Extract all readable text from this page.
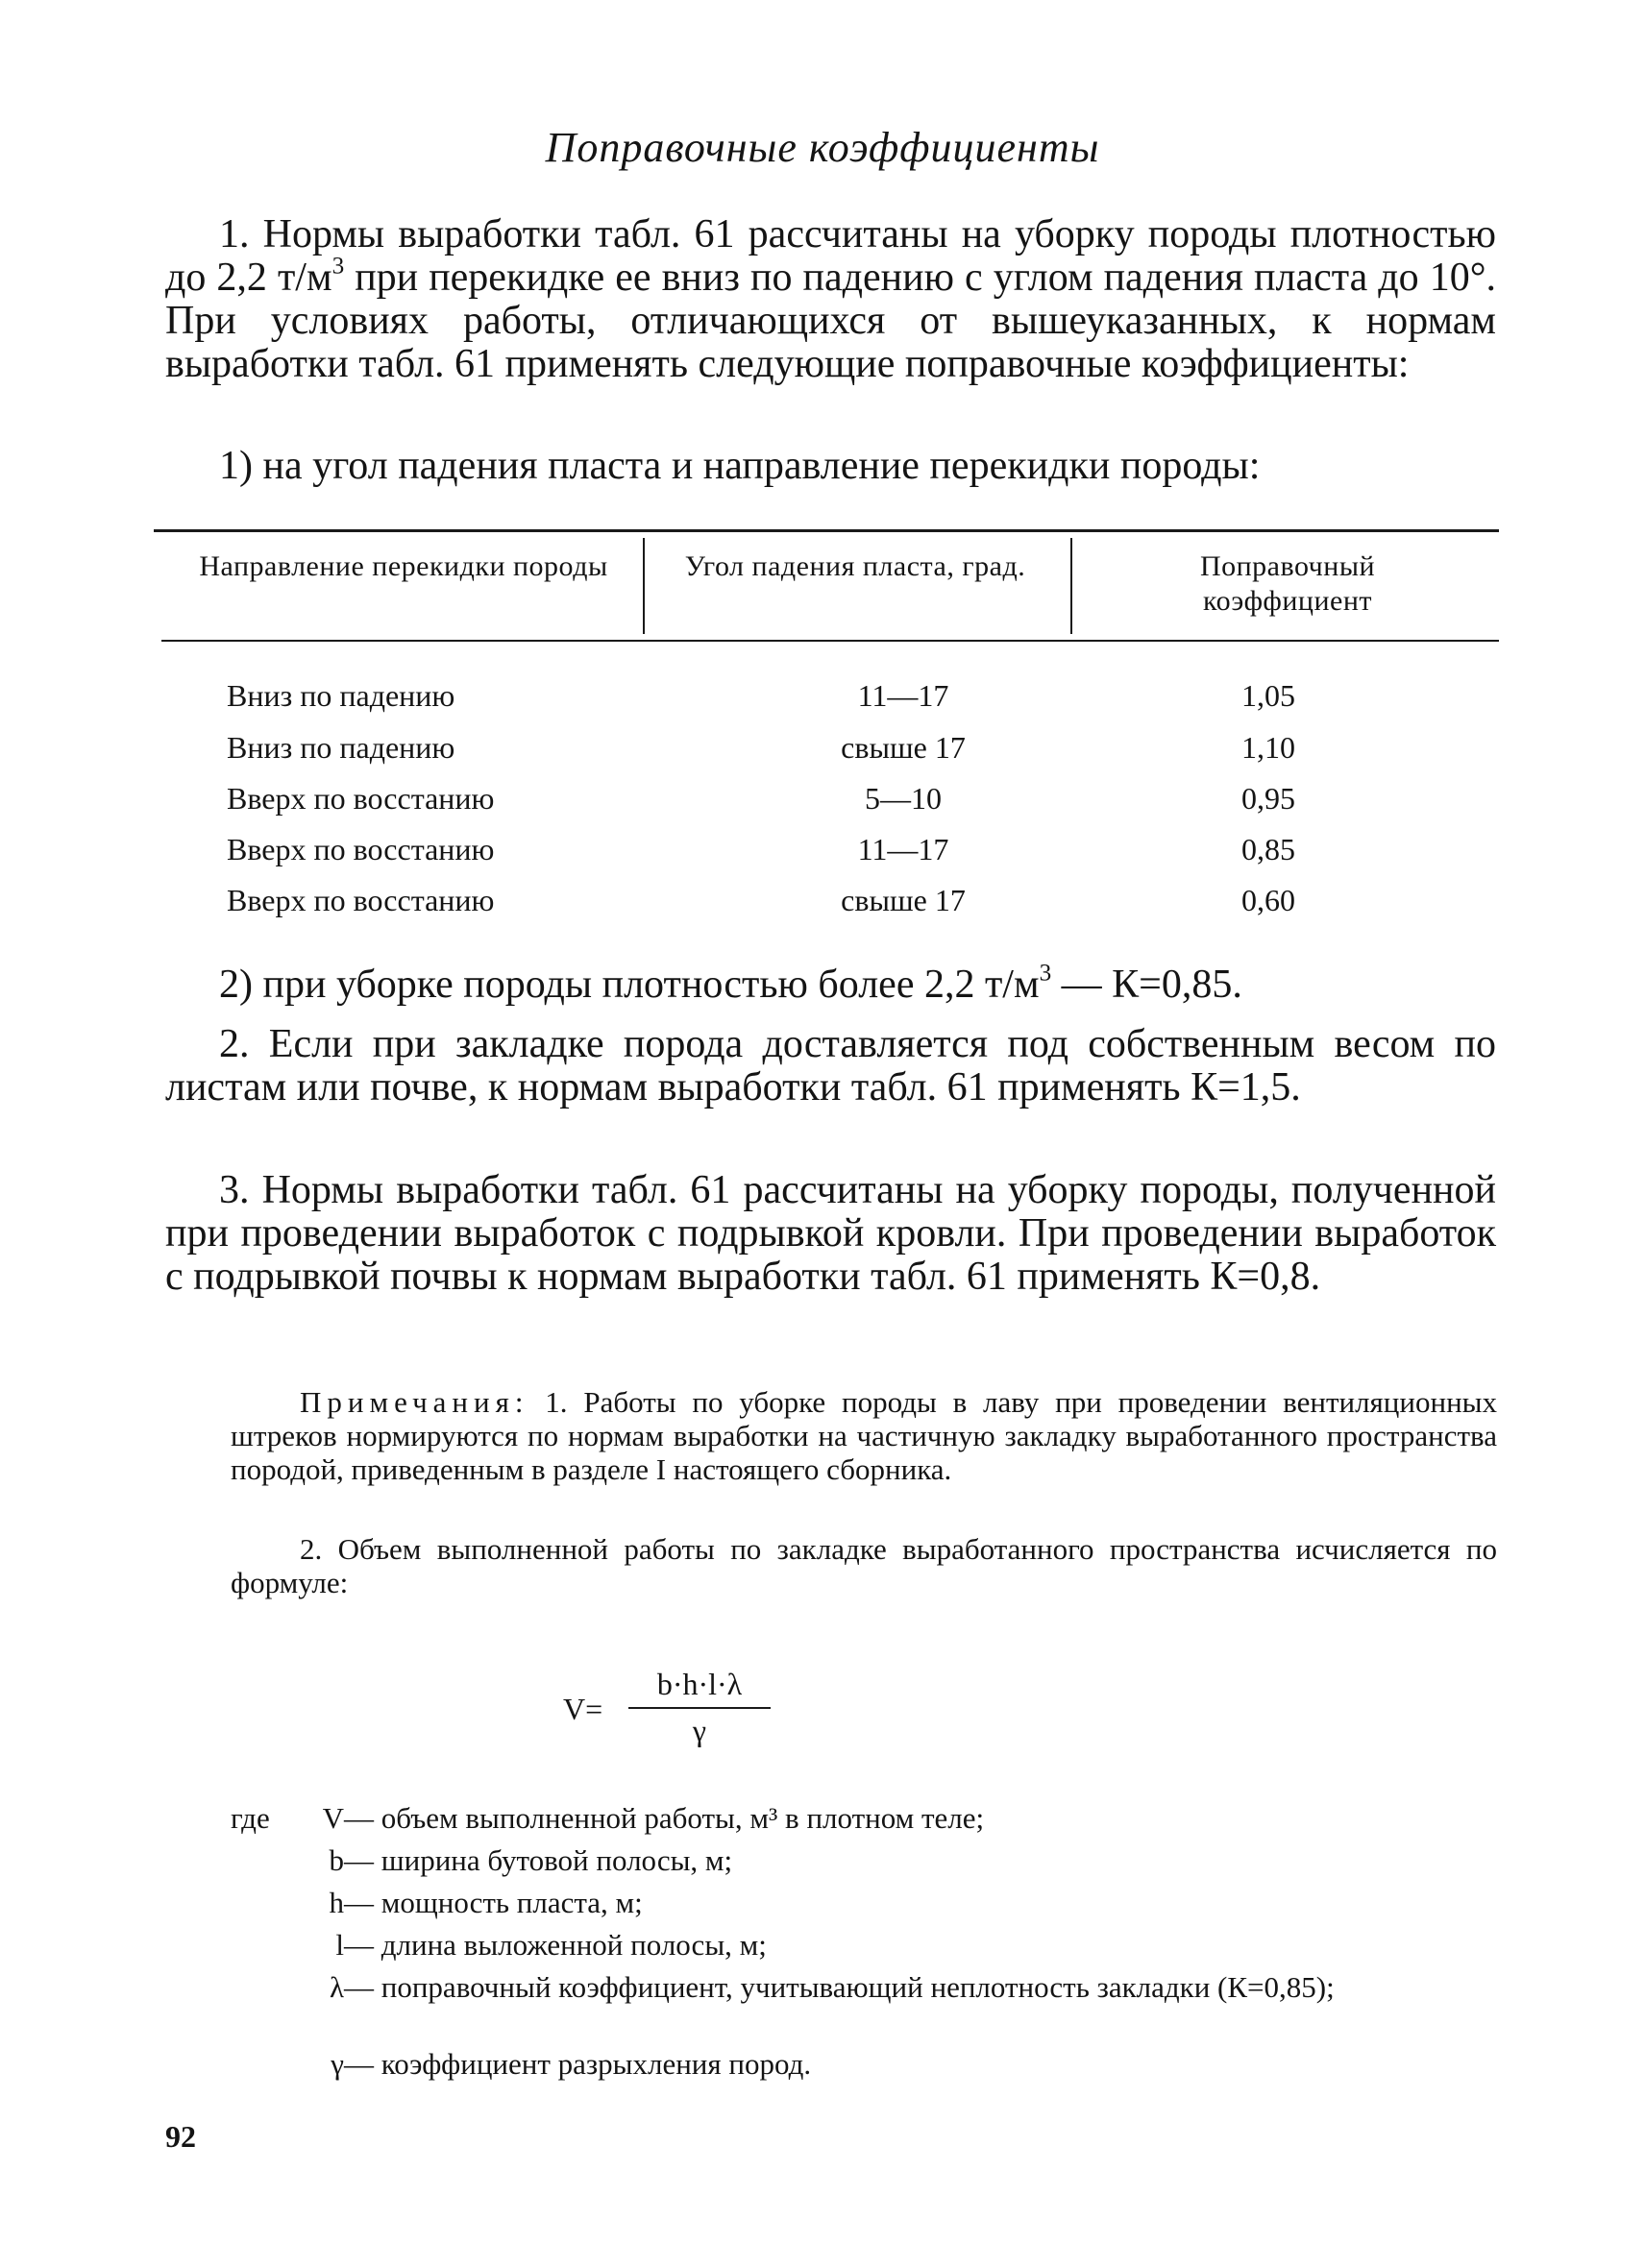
Поправочные коэффициенты

1. Нормы выработки табл. 61 рассчитаны на уборку породы плотностью до 2,2 $т/м^3$ при перекидке ее вниз по падению с углом падения пласта до 10°. При условиях работы, отличающихся от вышеуказанных, к нормам выработки табл. 61 применять следующие поправочные коэффициенты:

1) на угол падения пласта и направление перекидки породы:

Направление перекидки породы	Угол падения пласта, град.	Поправочный коэффициент
Вниз по падению	11—17	1,05
Вниз по падению	свыше 17	1,10
Вверх по восстанию	5—10	0,95
Вверх по восстанию	11—17	0,85
Вверх по восстанию	свыше 17	0,60

2) при уборке породы плотностью более 2,2 $т/м^3$ — К=0,85.

2. Если при закладке порода доставляется под собственным весом по листам или почве, к нормам выработки табл. 61 применять К=1,5.

3. Нормы выработки табл. 61 рассчитаны на уборку породы, полученной при проведении выработок с подрывкой кровли. При проведении выработок с подрывкой почвы к нормам выработки табл. 61 применять К=0,8.

Примечания: 1. Работы по уборке породы в лаву при проведении вентиляционных штреков нормируются по нормам выработки на частичную закладку выработанного пространства породой, приведенным в разделе I настоящего сборника.

2. Объем выполненной работы по закладке выработанного пространства исчисляется по формуле:

V=
b·h·l·λ
γ
где	V — объем выполненной работы, м³ в плотном теле;
b — ширина бутовой полосы, м;
h — мощность пласта, м;
l — длина выложенной полосы, м;
λ — поправочный коэффициент, учитывающий неплотность закладки (К=0,85);
γ — коэффициент разрыхления пород.
92
